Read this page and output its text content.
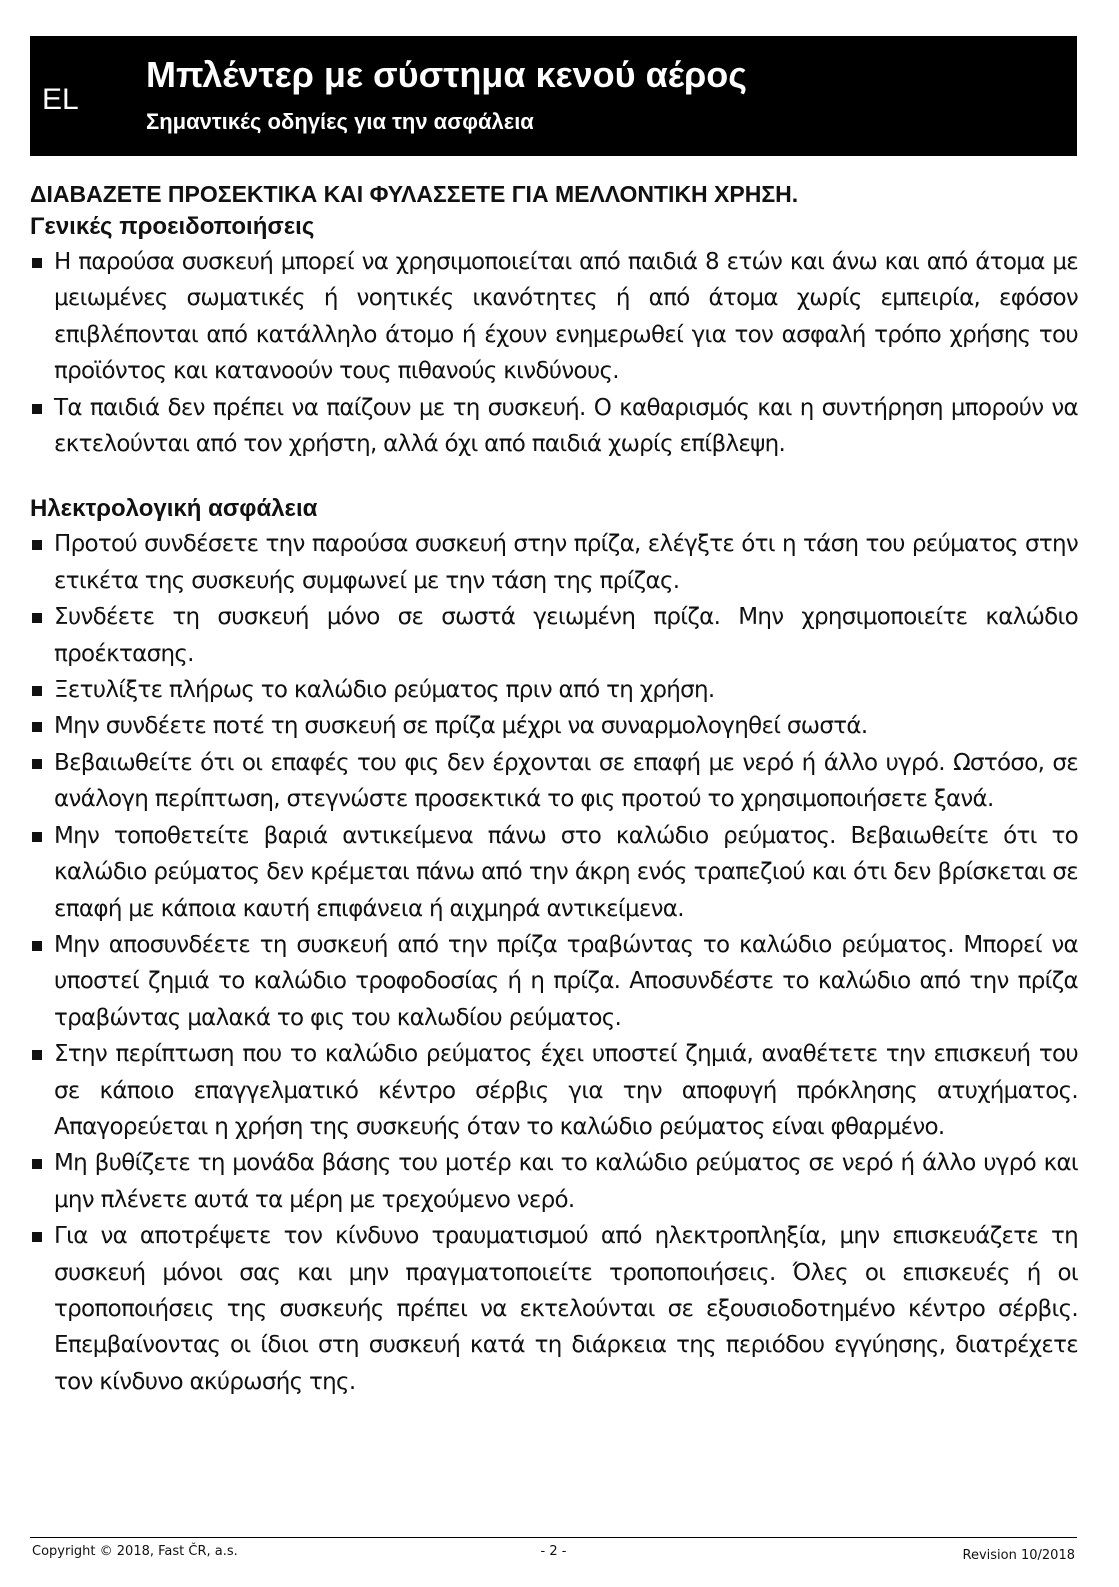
EL
Μπλέντερ με σύστημα κενού αέρος
Σημαντικές οδηγίες για την ασφάλεια
ΔΙΑΒΑΖΕΤΕ ΠΡΟΣΕΚΤΙΚΑ ΚΑΙ ΦΥΛΑΣΣΕΤΕ ΓΙΑ ΜΕΛΛΟΝΤΙΚΗ ΧΡΗΣΗ.
Γενικές προειδοποιήσεις
Η παρούσα συσκευή μπορεί να χρησιμοποιείται από παιδιά 8 ετών και άνω και από άτομα με μειωμένες σωματικές ή νοητικές ικανότητες ή από άτομα χωρίς εμπειρία, εφόσον επιβλέπονται από κατάλληλο άτομο ή έχουν ενημερωθεί για τον ασφαλή τρόπο χρήσης του προϊόντος και κατανοούν τους πιθανούς κινδύνους.
Τα παιδιά δεν πρέπει να παίζουν με τη συσκευή. Ο καθαρισμός και η συντήρηση μπορούν να εκτελούνται από τον χρήστη, αλλά όχι από παιδιά χωρίς επίβλεψη.
Ηλεκτρολογική ασφάλεια
Προτού συνδέσετε την παρούσα συσκευή στην πρίζα, ελέγξτε ότι η τάση του ρεύματος στην ετικέτα της συσκευής συμφωνεί με την τάση της πρίζας.
Συνδέετε τη συσκευή μόνο σε σωστά γειωμένη πρίζα. Μην χρησιμοποιείτε καλώδιο προέκτασης.
Ξετυλίξτε πλήρως το καλώδιο ρεύματος πριν από τη χρήση.
Μην συνδέετε ποτέ τη συσκευή σε πρίζα μέχρι να συναρμολογηθεί σωστά.
Βεβαιωθείτε ότι οι επαφές του φις δεν έρχονται σε επαφή με νερό ή άλλο υγρό. Ωστόσο, σε ανάλογη περίπτωση, στεγνώστε προσεκτικά το φις προτού το χρησιμοποιήσετε ξανά.
Μην τοποθετείτε βαριά αντικείμενα πάνω στο καλώδιο ρεύματος. Βεβαιωθείτε ότι το καλώδιο ρεύματος δεν κρέμεται πάνω από την άκρη ενός τραπεζιού και ότι δεν βρίσκεται σε επαφή με κάποια καυτή επιφάνεια ή αιχμηρά αντικείμενα.
Μην αποσυνδέετε τη συσκευή από την πρίζα τραβώντας το καλώδιο ρεύματος. Μπορεί να υποστεί ζημιά το καλώδιο τροφοδοσίας ή η πρίζα. Αποσυνδέστε το καλώδιο από την πρίζα τραβώντας μαλακά το φις του καλωδίου ρεύματος.
Στην περίπτωση που το καλώδιο ρεύματος έχει υποστεί ζημιά, αναθέτετε την επισκευή του σε κάποιο επαγγελματικό κέντρο σέρβις για την αποφυγή πρόκλησης ατυχήματος. Απαγορεύεται η χρήση της συσκευής όταν το καλώδιο ρεύματος είναι φθαρμένο.
Μη βυθίζετε τη μονάδα βάσης του μοτέρ και το καλώδιο ρεύματος σε νερό ή άλλο υγρό και μην πλένετε αυτά τα μέρη με τρεχούμενο νερό.
Για να αποτρέψετε τον κίνδυνο τραυματισμού από ηλεκτροπληξία, μην επισκευάζετε τη συσκευή μόνοι σας και μην πραγματοποιείτε τροποποιήσεις. Όλες οι επισκευές ή οι τροποποιήσεις της συσκευής πρέπει να εκτελούνται σε εξουσιοδοτημένο κέντρο σέρβις. Επεμβαίνοντας οι ίδιοι στη συσκευή κατά τη διάρκεια της περιόδου εγγύησης, διατρέχετε τον κίνδυνο ακύρωσής της.
Copyright © 2018, Fast ČR, a.s.	- 2 -	Revision 10/2018
